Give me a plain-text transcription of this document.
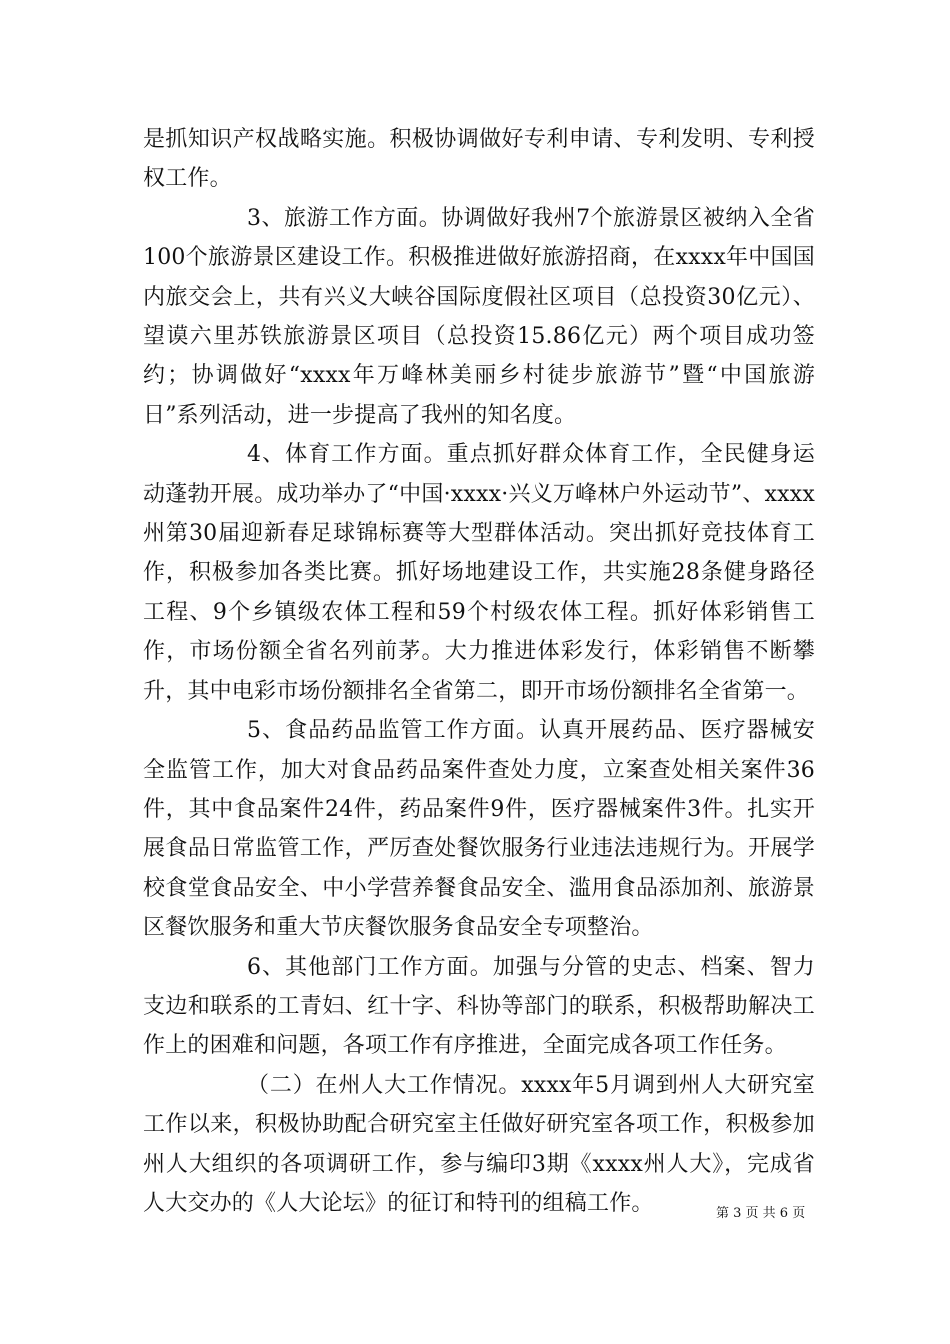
是抓知识产权战略实施。积极协调做好专利申请、专利发明、专利授权工作。

3、旅游工作方面。协调做好我州7个旅游景区被纳入全省100个旅游景区建设工作。积极推进做好旅游招商，在xxxx年中国国内旅交会上，共有兴义大峡谷国际度假社区项目（总投资30亿元）、望谟六里苏铁旅游景区项目（总投资15.86亿元）两个项目成功签约；协调做好“xxxx年万峰林美丽乡村徒步旅游节”暨“中国旅游日”系列活动，进一步提高了我州的知名度。

4、体育工作方面。重点抓好群众体育工作，全民健身运动蓬勃开展。成功举办了“中国·xxxx·兴义万峰林户外运动节”、xxxx州第30届迎新春足球锦标赛等大型群体活动。突出抓好竞技体育工作，积极参加各类比赛。抓好场地建设工作，共实施28条健身路径工程、9个乡镇级农体工程和59个村级农体工程。抓好体彩销售工作，市场份额全省名列前茅。大力推进体彩发行，体彩销售不断攀升，其中电彩市场份额排名全省第二，即开市场份额排名全省第一。

5、食品药品监管工作方面。认真开展药品、医疗器械安全监管工作，加大对食品药品案件查处力度，立案查处相关案件36件，其中食品案件24件，药品案件9件，医疗器械案件3件。扎实开展食品日常监管工作，严厉查处餐饮服务行业违法违规行为。开展学校食堂食品安全、中小学营养餐食品安全、滥用食品添加剂、旅游景区餐饮服务和重大节庆餐饮服务食品安全专项整治。

6、其他部门工作方面。加强与分管的史志、档案、智力支边和联系的工青妇、红十字、科协等部门的联系，积极帮助解决工作上的困难和问题，各项工作有序推进，全面完成各项工作任务。

（二）在州人大工作情况。xxxx年5月调到州人大研究室工作以来，积极协助配合研究室主任做好研究室各项工作，积极参加州人大组织的各项调研工作，参与编印3期《xxxx州人大》，完成省人大交办的《人大论坛》的征订和特刊的组稿工作。	第 3 页 共 6 页
